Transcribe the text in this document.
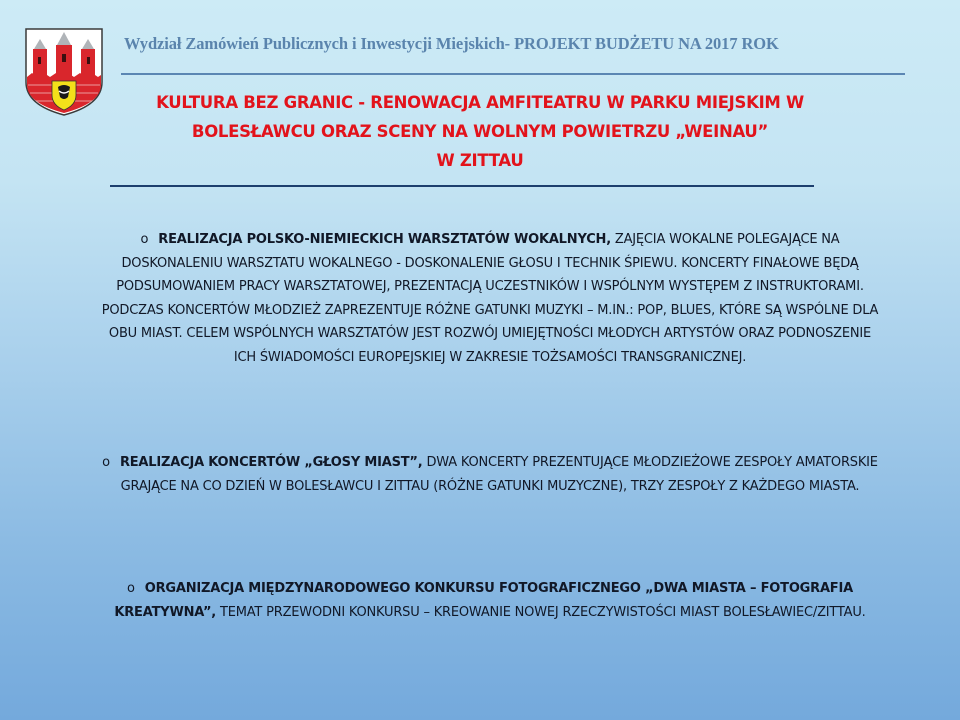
Wydział Zamówień Publicznych i Inwestycji Miejskich- PROJEKT BUDŻETU NA 2017 ROK
KULTURA BEZ GRANIC - RENOWACJA AMFITEATRU W PARKU MIEJSKIM W
BOLESŁAWCU ORAZ SCENY NA WOLNYM POWIETRZU „WEINAU”
W ZITTAU
o REALIZACJA POLSKO-NIEMIECKICH WARSZTATÓW WOKALNYCH, ZAJĘCIA WOKALNE POLEGAJĄCE NA DOSKONALENIU WARSZTATU WOKALNEGO - DOSKONALENIE GŁOSU I TECHNIK ŚPIEWU. KONCERTY FINAŁOWE BĘDĄ PODSUMOWANIEM PRACY WARSZTATOWEJ, PREZENTACJĄ UCZESTNIKÓW I WSPÓLNYM WYSTĘPEM Z INSTRUKTORAMI. PODCZAS KONCERTÓW MŁODZIEŻ ZAPREZENTUJE RÓŻNE GATUNKI MUZYKI – M.IN.: POP, BLUES, KTÓRE SĄ WSPÓLNE DLA OBU MIAST. CELEM WSPÓLNYCH WARSZTATÓW JEST ROZWÓJ UMIEJĘTNOŚCI MŁODYCH ARTYSTÓW ORAZ PODNOSZENIE ICH ŚWIADOMOŚCI EUROPEJSKIEJ W ZAKRESIE TOŻSAMOŚCI TRANSGRANICZNEJ.
o REALIZACJA KONCERTÓW „GŁOSY MIAST”, DWA KONCERTY PREZENTUJĄCE MŁODZIEŻOWE ZESPOŁY AMATORSKIE GRAJĄCE NA CO DZIEŃ W BOLESŁAWCU I ZITTAU (RÓŻNE GATUNKI MUZYCZNE), TRZY ZESPOŁY Z KAŻDEGO MIASTA.
o ORGANIZACJA MIĘDZYNARODOWEGO KONKURSU FOTOGRAFICZNEGO „DWA MIASTA – FOTOGRAFIA KREATYWNA”, TEMAT PRZEWODNI KONKURSU – KREOWANIE NOWEJ RZECZYWISTOŚCI MIAST BOLESŁAWIEC/ZITTAU.
